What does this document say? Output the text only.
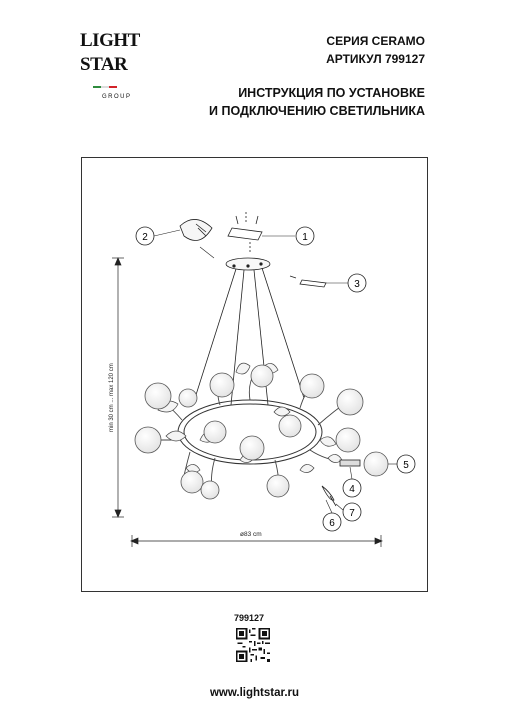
LIGHT
STAR
GROUP
СЕРИЯ CERAMO
АРТИКУЛ 799127
ИНСТРУКЦИЯ ПО УСТАНОВКЕ
И ПОДКЛЮЧЕНИЮ СВЕТИЛЬНИКА
min 30 cm ... max 120 cm
ø83 cm
1
2
3
4
5
6
7
799127
www.lightstar.ru
